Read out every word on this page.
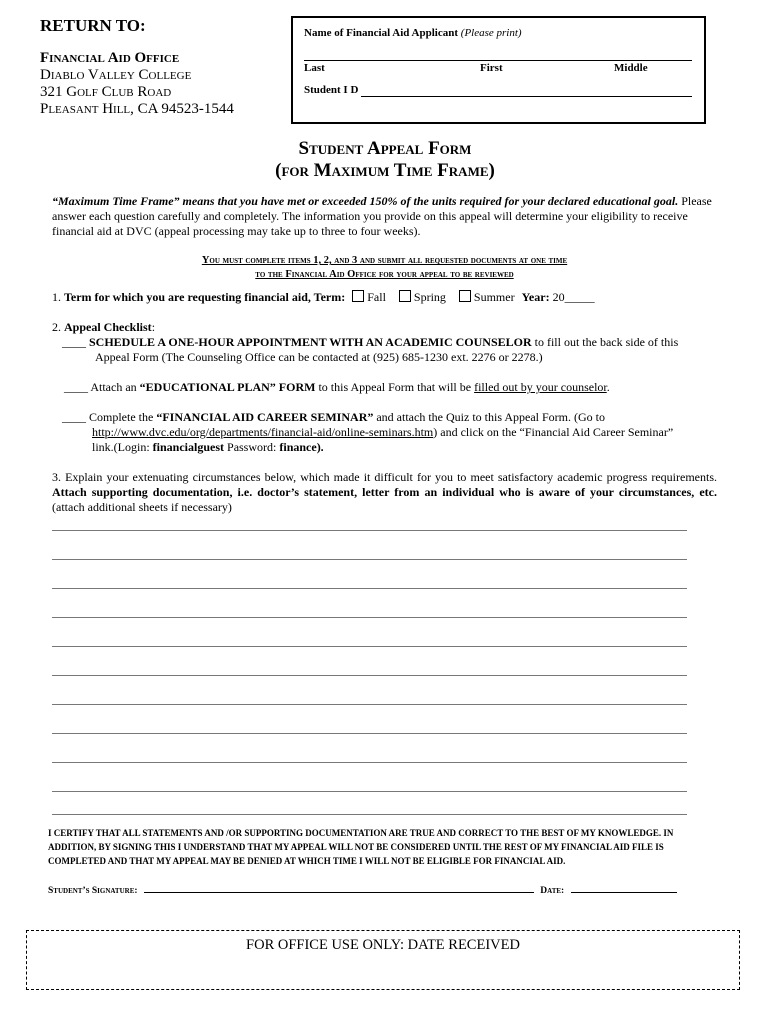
RETURN TO:
Financial Aid Office
Diablo Valley College
321 Golf Club Road
Pleasant Hill, CA 94523-1544
Name of Financial Aid Applicant (Please print)
Last	First	Middle
Student I D
Student Appeal Form
(for Maximum Time Frame)
“Maximum Time Frame” means that you have met or exceeded 150% of the units required for your declared educational goal. Please answer each question carefully and completely. The information you provide on this appeal will determine your eligibility to receive financial aid at DVC (appeal processing may take up to three to four weeks).
You must complete items 1, 2, and 3 and submit all requested documents at one time
to the Financial Aid Office for your appeal to be reviewed
1. Term for which you are requesting financial aid, Term: Fall Spring Summer Year: 20_____
2. Appeal Checklist:
____ SCHEDULE A ONE-HOUR APPOINTMENT WITH AN ACADEMIC COUNSELOR to fill out the back side of this
Appeal Form (The Counseling Office can be contacted at (925) 685-1230 ext. 2276 or 2278.)
____ Attach an “EDUCATIONAL PLAN” FORM to this Appeal Form that will be filled out by your counselor.
____ Complete the “FINANCIAL AID CAREER SEMINAR” and attach the Quiz to this Appeal Form. (Go to
http://www.dvc.edu/org/departments/financial-aid/online-seminars.htm) and click on the “Financial Aid Career Seminar”
link.(Login: financialguest Password: finance).
3. Explain your extenuating circumstances below, which made it difficult for you to meet satisfactory academic progress requirements. Attach supporting documentation, i.e. doctor’s statement, letter from an individual who is aware of your circumstances, etc. (attach additional sheets if necessary)
I CERTIFY THAT ALL STATEMENTS AND /OR SUPPORTING DOCUMENTATION ARE TRUE AND CORRECT TO THE BEST OF MY KNOWLEDGE. IN ADDITION, BY SIGNING THIS I UNDERSTAND THAT MY APPEAL WILL NOT BE CONSIDERED UNTIL THE REST OF MY FINANCIAL AID FILE IS COMPLETED AND THAT MY APPEAL MAY BE DENIED AT WHICH TIME I WILL NOT BE ELIGIBLE FOR FINANCIAL AID.
Student’s Signature:	Date:
FOR OFFICE USE ONLY: DATE RECEIVED
